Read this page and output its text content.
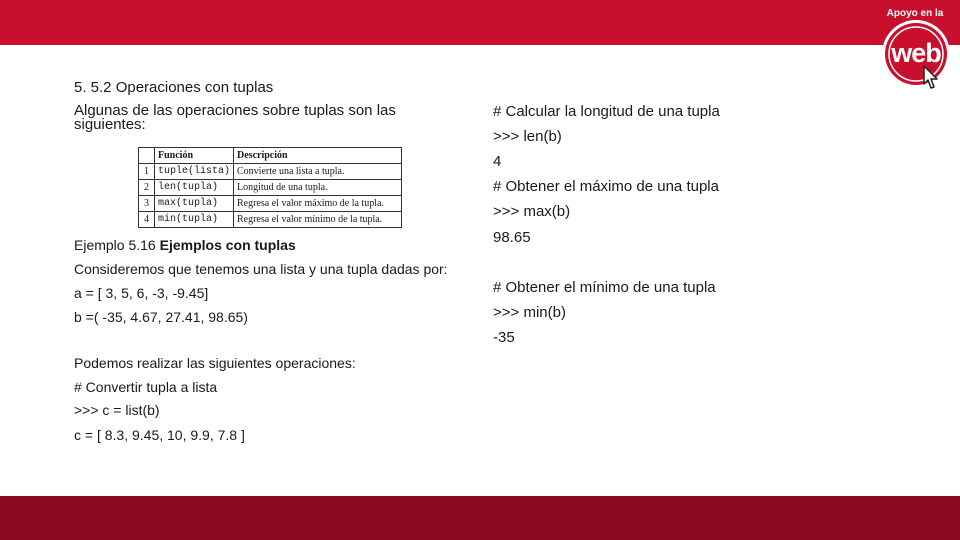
Apoyo en la
web
5. 5.2 Operaciones con tuplas
Algunas de las operaciones sobre tuplas son las siguientes:
	Función	Descripción
1	tuple(lista)	Convierte una lista a tupla.
2	len(tupla)	Longitud de una tupla.
3	max(tupla)	Regresa el valor máximo de la tupla.
4	min(tupla)	Regresa el valor mínimo de la tupla.
Ejemplo 5.16 Ejemplos con tuplas
Consideremos que tenemos una lista y una tupla dadas por:
a = [ 3, 5, 6, -3, -9.45]
b =( -35, 4.67, 27.41, 98.65)
Podemos realizar las siguientes operaciones:
# Convertir tupla a lista
>>> c = list(b)
c = [ 8.3, 9.45, 10, 9.9, 7.8 ]
# Calcular la longitud de una tupla
>>> len(b)
4
# Obtener el máximo de una tupla
>>> max(b)
98.65
# Obtener el mínimo de una tupla
>>> min(b)
-35
